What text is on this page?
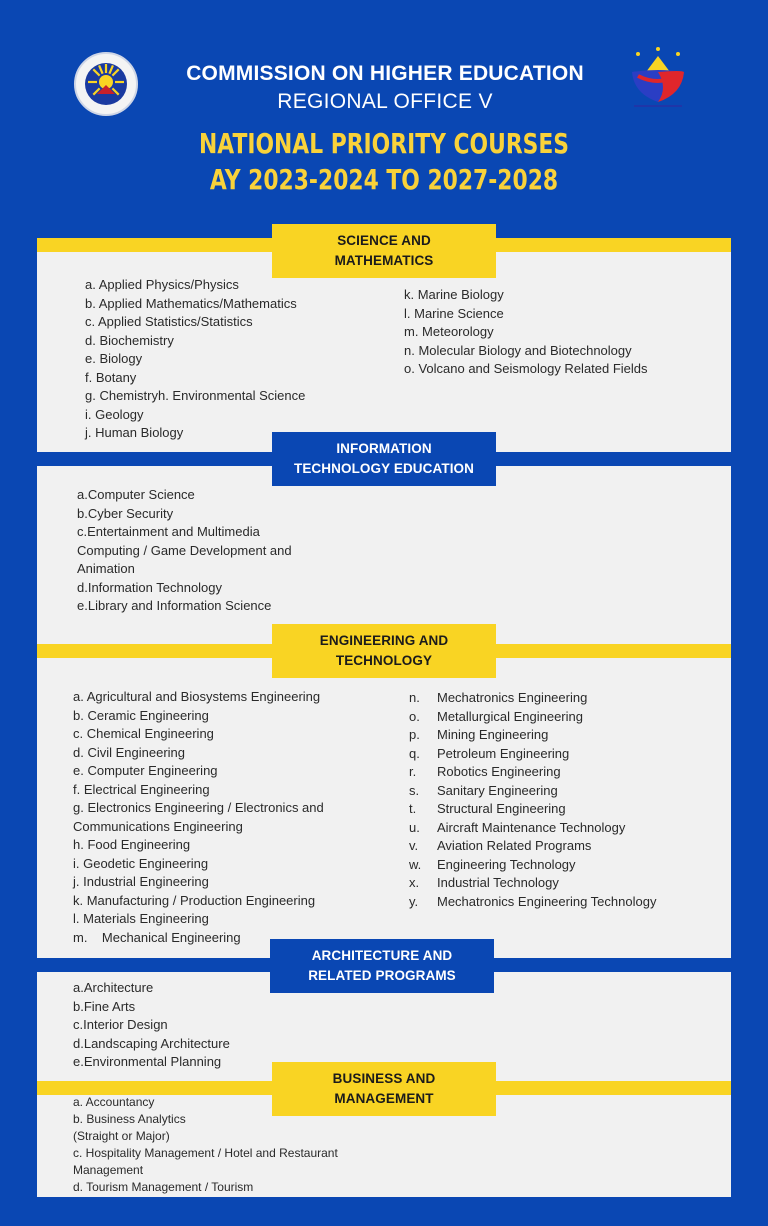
COMMISSION ON HIGHER EDUCATION
REGIONAL OFFICE V
NATIONAL PRIORITY COURSES
AY 2023-2024 TO 2027-2028
SCIENCE AND
MATHEMATICS
a. Applied Physics/Physics
b. Applied Mathematics/Mathematics
c. Applied Statistics/Statistics
d. Biochemistry
e. Biology
f. Botany
g. Chemistryh. Environmental Science
i. Geology
j. Human Biology
k. Marine Biology
l. Marine Science
m. Meteorology
n. Molecular Biology and Biotechnology
o. Volcano and Seismology Related Fields
INFORMATION
TECHNOLOGY EDUCATION
a.Computer Science
b.Cyber Security
c.Entertainment and Multimedia
Computing / Game Development and
Animation
d.Information Technology
e.Library and Information Science
ENGINEERING AND
TECHNOLOGY
a. Agricultural and Biosystems Engineering
b. Ceramic Engineering
c. Chemical Engineering
d. Civil Engineering
e. Computer Engineering
f. Electrical Engineering
g. Electronics Engineering / Electronics and
Communications Engineering
h. Food Engineering
i. Geodetic Engineering
j. Industrial Engineering
k. Manufacturing / Production Engineering
l. Materials Engineering
m.    Mechanical Engineering
n.	Mechatronics Engineering
o.	Metallurgical Engineering
p.	Mining Engineering
q.	Petroleum Engineering
r.	Robotics Engineering
s.	Sanitary Engineering
t.	Structural Engineering
u.	Aircraft Maintenance Technology
v.	Aviation Related Programs
w.	Engineering Technology
x.	Industrial Technology
y.	Mechatronics Engineering Technology
ARCHITECTURE AND
RELATED PROGRAMS
a.Architecture
b.Fine Arts
c.Interior Design
d.Landscaping Architecture
e.Environmental Planning
BUSINESS AND
MANAGEMENT
a. Accountancy
b. Business Analytics
(Straight or Major)
c. Hospitality Management / Hotel and Restaurant
Management
d. Tourism Management / Tourism
